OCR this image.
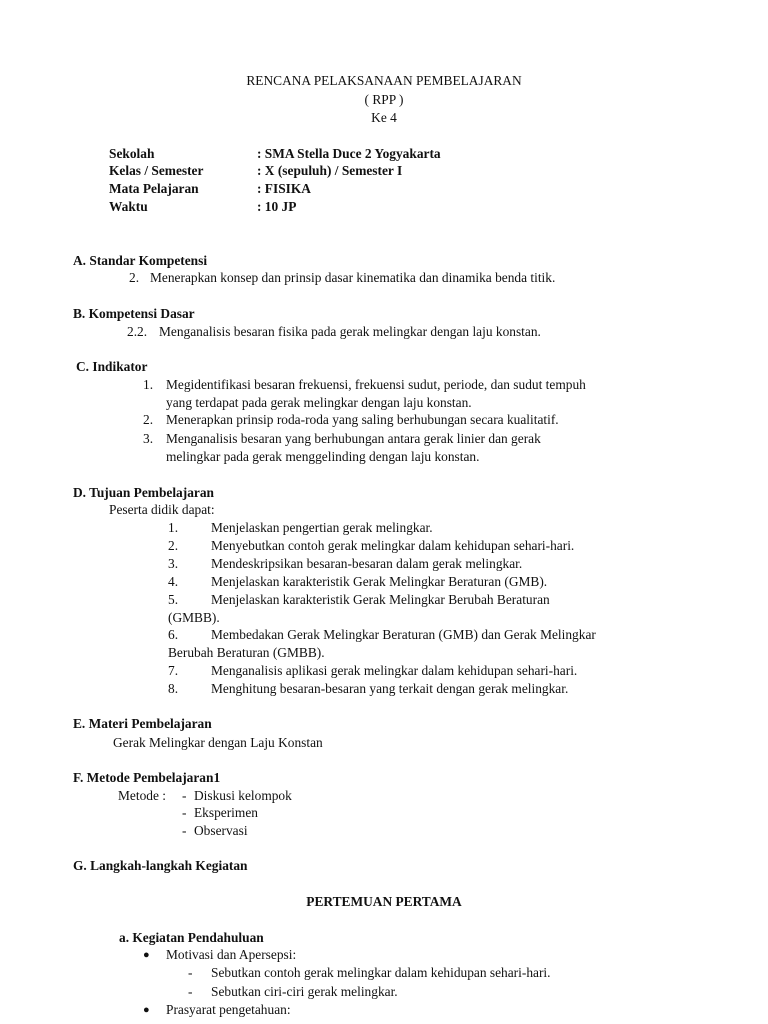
RENCANA PELAKSANAAN PEMBELAJARAN
( RPP )
Ke 4
Sekolah	: SMA Stella Duce 2 Yogyakarta
Kelas / Semester	: X (sepuluh) / Semester I
Mata Pelajaran	: FISIKA
Waktu	: 10 JP
A. Standar Kompetensi
2. Menerapkan konsep dan prinsip dasar kinematika dan dinamika benda titik.
B. Kompetensi Dasar
2.2. Menganalisis besaran fisika pada gerak melingkar dengan laju konstan.
C. Indikator
1. Megidentifikasi besaran frekuensi, frekuensi sudut, periode, dan sudut tempuh
yang terdapat pada gerak melingkar dengan laju konstan.
2. Menerapkan prinsip roda-roda yang saling berhubungan secara kualitatif.
3. Menganalisis besaran yang berhubungan antara gerak linier dan gerak
melingkar pada gerak menggelinding dengan laju konstan.
D. Tujuan Pembelajaran
Peserta didik dapat:
1. Menjelaskan pengertian gerak melingkar.
2. Menyebutkan contoh gerak melingkar dalam kehidupan sehari-hari.
3. Mendeskripsikan besaran-besaran dalam gerak melingkar.
4. Menjelaskan karakteristik Gerak Melingkar Beraturan (GMB).
5. Menjelaskan karakteristik Gerak Melingkar Berubah Beraturan
(GMBB).
6. Membedakan Gerak Melingkar Beraturan (GMB) dan Gerak Melingkar
Berubah Beraturan (GMBB).
7. Menganalisis aplikasi gerak melingkar dalam kehidupan sehari-hari.
8. Menghitung besaran-besaran yang terkait dengan gerak melingkar.
E. Materi Pembelajaran
Gerak Melingkar dengan Laju Konstan
F. Metode Pembelajaran1
Metode : - Diskusi kelompok
- Eksperimen
- Observasi
G. Langkah-langkah Kegiatan
PERTEMUAN PERTAMA
a. Kegiatan Pendahuluan
● Motivasi dan Apersepsi:
- Sebutkan contoh gerak melingkar dalam kehidupan sehari-hari.
- Sebutkan ciri-ciri gerak melingkar.
● Prasyarat pengetahuan:
